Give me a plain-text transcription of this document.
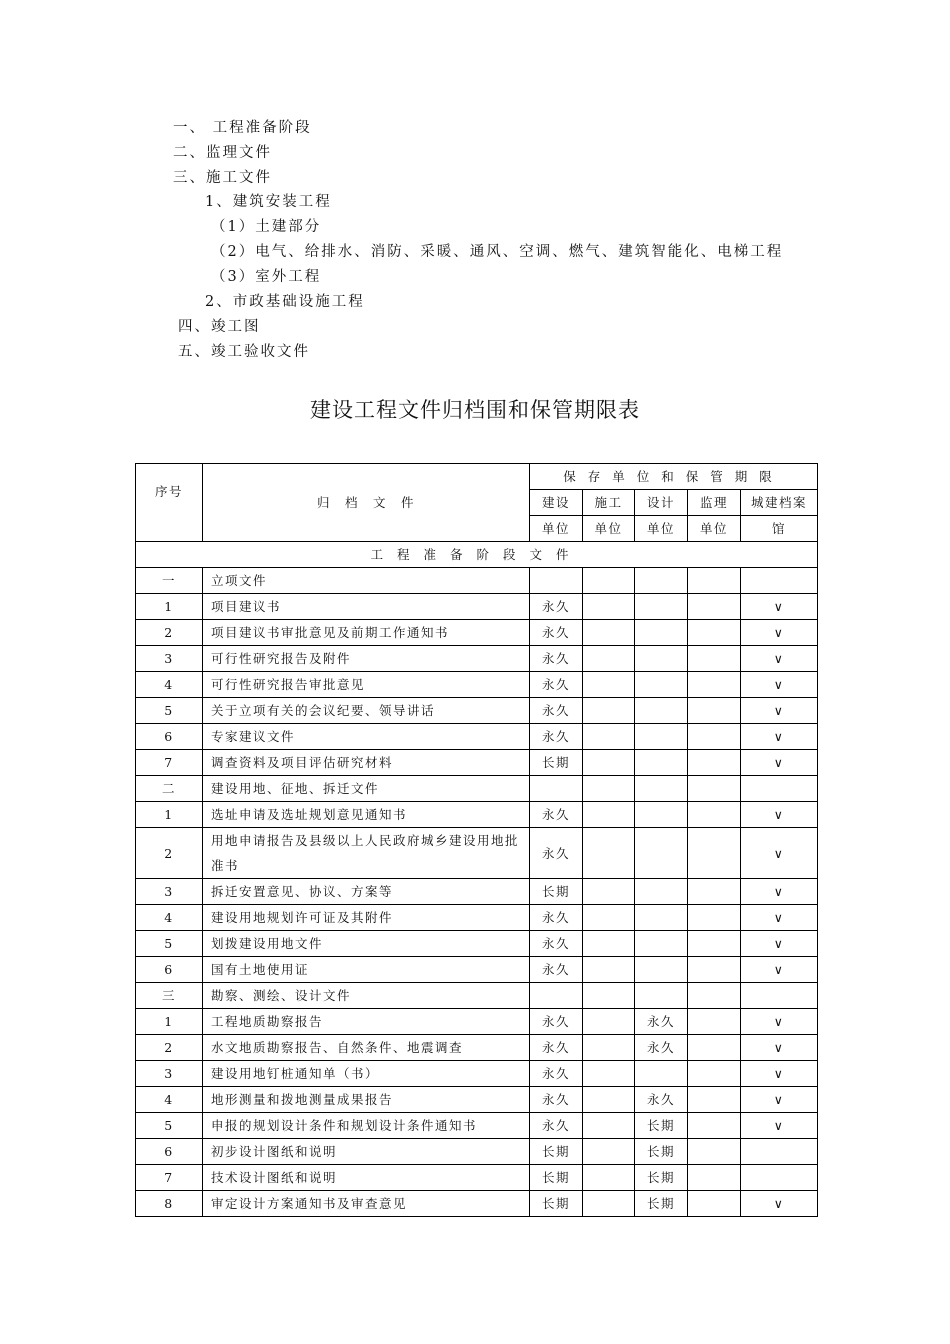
一、 工程准备阶段
二、监理文件
三、施工文件
1、建筑安装工程
（1）土建部分
（2）电气、给排水、消防、采暖、通风、空调、燃气、建筑智能化、电梯工程
（3）室外工程
2、市政基础设施工程
四、竣工图
五、竣工验收文件
建设工程文件归档围和保管期限表
序号	归　档　文　件	保存单位和保管期限				
		建设	施工	设计	监理	城建档案
		单位	单位	单位	单位	馆
工程准备阶段文件						
一	立项文件					
1	项目建议书	永久				∨
2	项目建议书审批意见及前期工作通知书	永久				∨
3	可行性研究报告及附件	永久				∨
4	可行性研究报告审批意见	永久				∨
5	关于立项有关的会议纪要、领导讲话	永久				∨
6	专家建议文件	永久				∨
7	调查资料及项目评估研究材料	长期				∨
二	建设用地、征地、拆迁文件					
1	选址申请及选址规划意见通知书	永久				∨
2	用地申请报告及县级以上人民政府城乡建设用地批准书	永久				∨
3	拆迁安置意见、协议、方案等	长期				∨
4	建设用地规划许可证及其附件	永久				∨
5	划拨建设用地文件	永久				∨
6	国有土地使用证	永久				∨
三	勘察、测绘、设计文件					
1	工程地质勘察报告	永久		永久		∨
2	水文地质勘察报告、自然条件、地震调查	永久		永久		∨
3	建设用地钉桩通知单（书）	永久				∨
4	地形测量和拨地测量成果报告	永久		永久		∨
5	申报的规划设计条件和规划设计条件通知书	永久		长期		∨
6	初步设计图纸和说明	长期		长期		
7	技术设计图纸和说明	长期		长期		
8	审定设计方案通知书及审查意见	长期		长期		∨
